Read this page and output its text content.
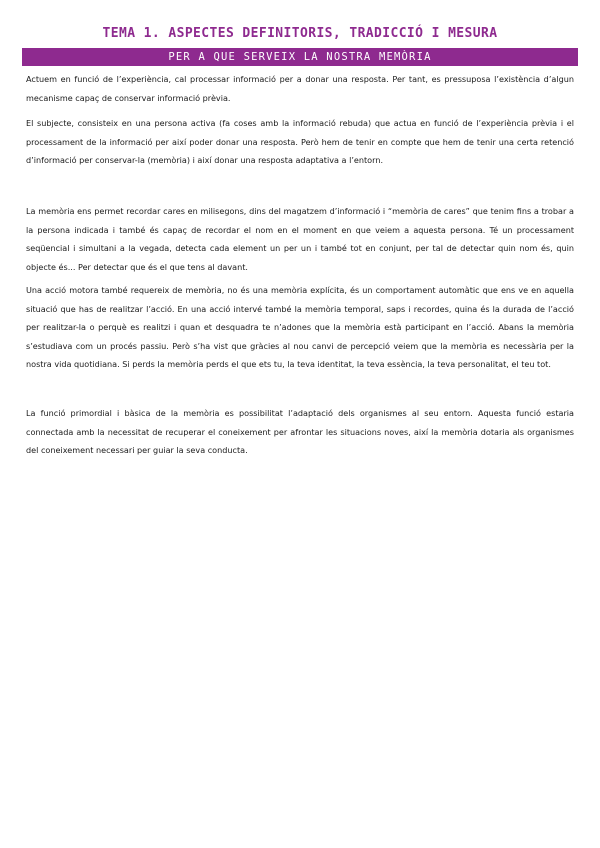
TEMA 1. ASPECTES DEFINITORIS, TRADICCIÓ I MESURA
PER A QUE SERVEIX LA NOSTRA MEMÒRIA

Actuem en funció de l’experiència, cal processar informació per a donar una resposta. Per tant, es pressuposa l’existència d’algun mecanisme capaç de conservar informació prèvia.

El subjecte, consisteix en una persona activa (fa coses amb la informació rebuda) que actua en funció de l’experiència prèvia i el processament de la informació per així poder donar una resposta. Però hem de tenir en compte que hem de tenir una certa retenció d’informació per conservar-la (memòria) i així donar una resposta adaptativa a l’entorn.

La memòria ens permet recordar cares en milisegons, dins del magatzem d’informació i “memòria de cares” que tenim fins a trobar a la persona indicada i també és capaç de recordar el nom en el moment en que veiem a aquesta persona. Té un processament seqüencial i simultani a la vegada, detecta cada element un per un i també tot en conjunt, per tal de detectar quin nom és, quin objecte és... Per detectar que és el que tens al davant.

Una acció motora també requereix de memòria, no és una memòria explícita, és un comportament automàtic que ens ve en aquella situació que has de realitzar l’acció. En una acció intervé també la memòria temporal, saps i recordes, quina és la durada de l’acció per realitzar-la o perquè es realitzi i quan et desquadra te n’adones que la memòria està participant en l’acció. Abans la memòria s’estudiava com un procés passiu. Però s’ha vist que gràcies al nou canvi de percepció veiem que la memòria es necessària per la nostra vida quotidiana. Si perds la memòria perds el que ets tu, la teva identitat, la teva essència, la teva personalitat, el teu tot.

La funció primordial i bàsica de la memòria es possibilitat l’adaptació dels organismes al seu entorn. Aquesta funció estaria connectada amb la necessitat de recuperar el coneixement per afrontar les situacions noves, així la memòria dotaria als organismes del coneixement necessari per guiar la seva conducta.
